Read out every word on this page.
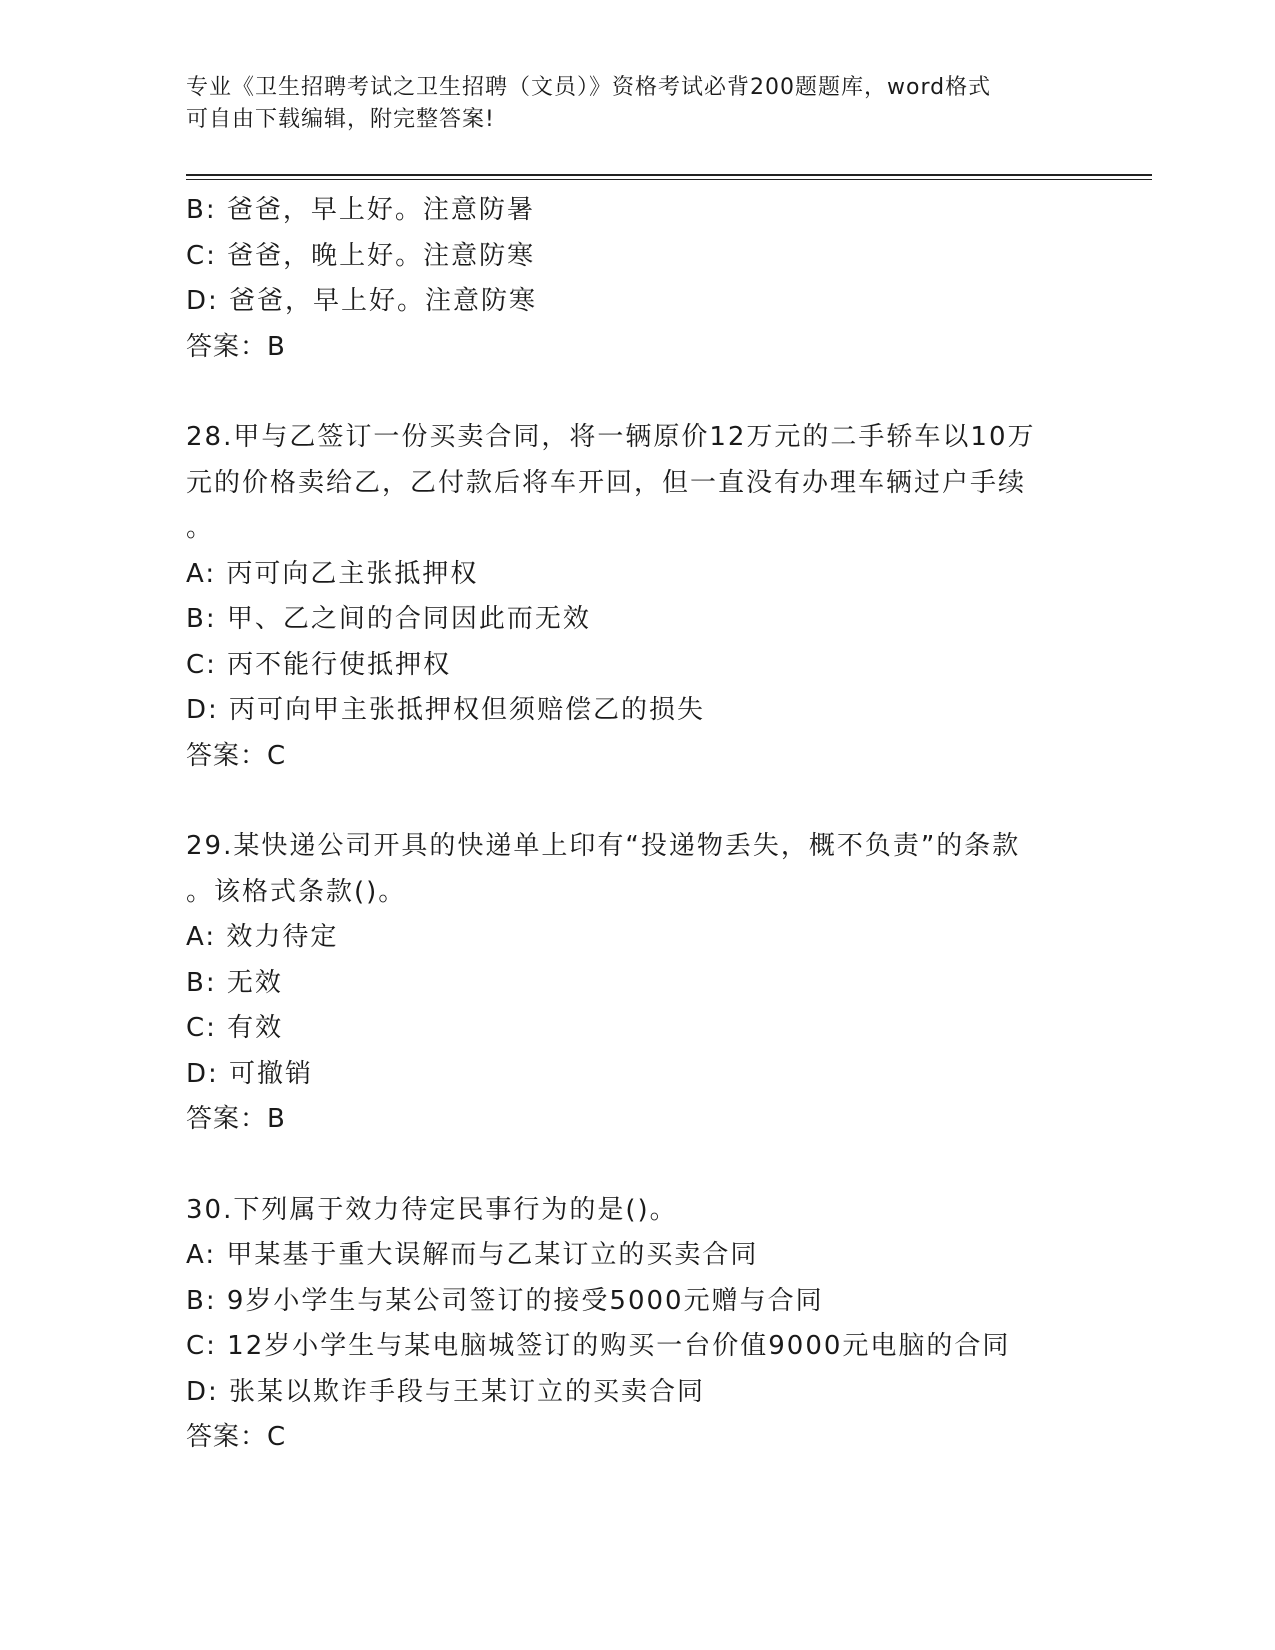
专业《卫生招聘考试之卫生招聘（文员）》资格考试必背200题题库，word格式
可自由下载编辑，附完整答案!
B: 爸爸，早上好。注意防暑
C: 爸爸，晚上好。注意防寒
D: 爸爸，早上好。注意防寒
答案：B
28.甲与乙签订一份买卖合同，将一辆原价12万元的二手轿车以10万
元的价格卖给乙，乙付款后将车开回，但一直没有办理车辆过户手续
。
A: 丙可向乙主张抵押权
B: 甲、乙之间的合同因此而无效
C: 丙不能行使抵押权
D: 丙可向甲主张抵押权但须赔偿乙的损失
答案：C
29.某快递公司开具的快递单上印有“投递物丢失，概不负责”的条款
。该格式条款()。
A: 效力待定
B: 无效
C: 有效
D: 可撤销
答案：B
30.下列属于效力待定民事行为的是()。
A: 甲某基于重大误解而与乙某订立的买卖合同
B: 9岁小学生与某公司签订的接受5000元赠与合同
C: 12岁小学生与某电脑城签订的购买一台价值9000元电脑的合同
D: 张某以欺诈手段与王某订立的买卖合同
答案：C
